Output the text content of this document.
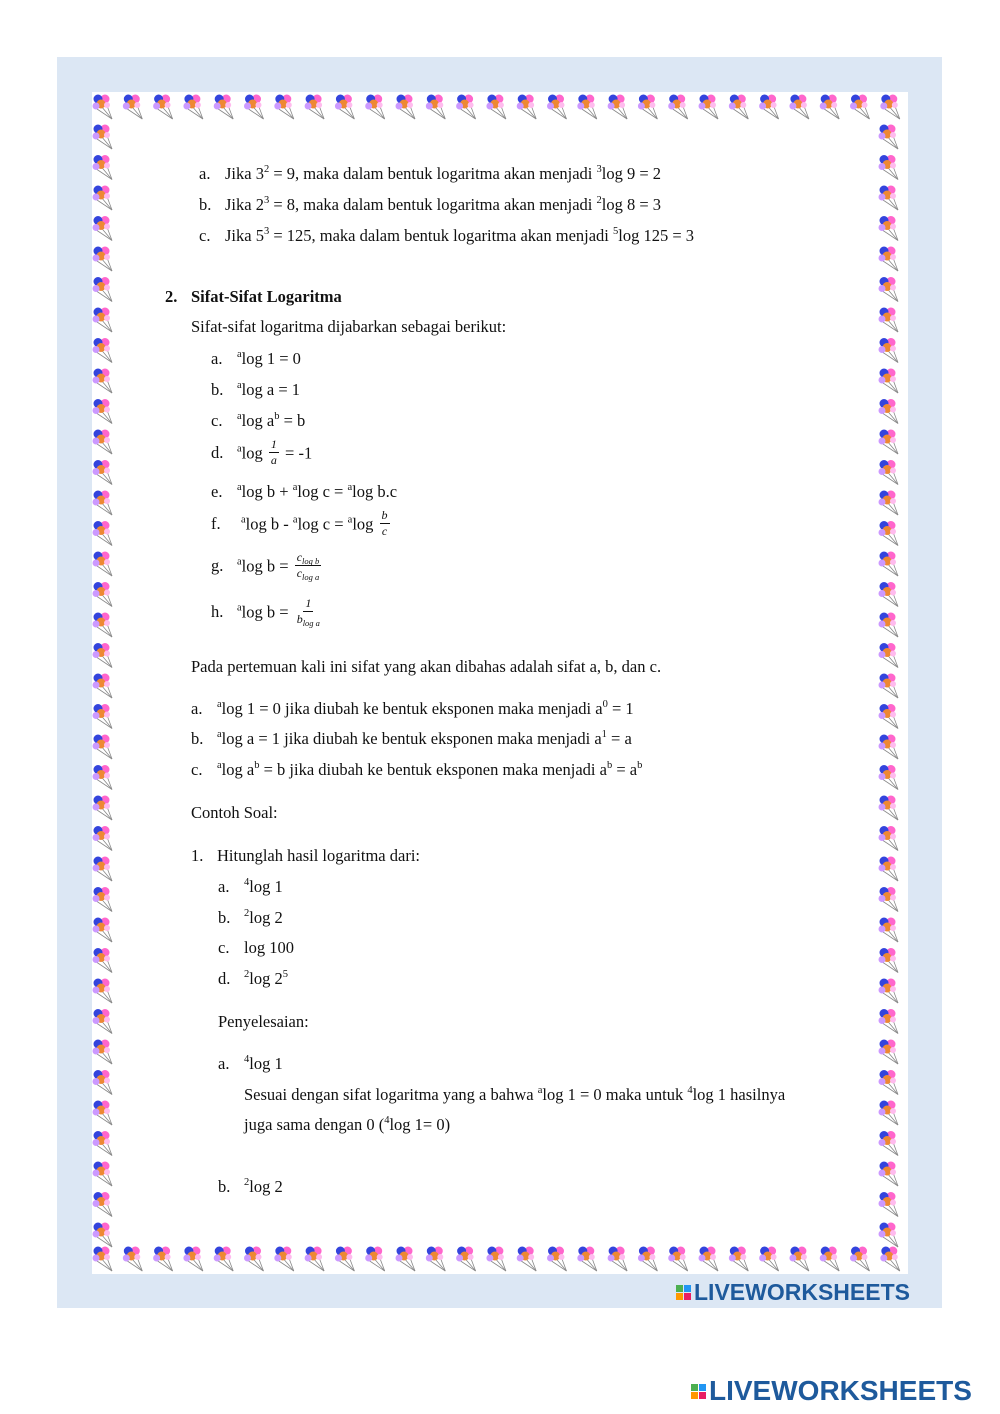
a. Jika $3^2 = 9$, maka dalam bentuk logaritma akan menjadi $^3$log 9 = 2
b. Jika $2^3 = 8$, maka dalam bentuk logaritma akan menjadi $^2$log 8 = 3
c. Jika $5^3 = 125$, maka dalam bentuk logaritma akan menjadi $^5$log 125 = 3
2. Sifat-Sifat Logaritma
Sifat-sifat logaritma dijabarkan sebagai berikut:
a. $^a$log 1 = 0
b. $^a$log a = 1
c. $^a$log $a^b = b$
d. $^a\log \frac{1}{a} = -1$
e. $^a$log b + $^a$log c = $^a$log b.c
f. $^a$log b - $^a$log $c = ^a\log \frac{b}{c}$
g. $^a$log $b = \frac{c_{log b}}{c_{log a}}$
h. $^a$log $b = \frac{1}{b_{log a}}$
Pada pertemuan kali ini sifat yang akan dibahas adalah sifat a, b, dan c.
a. $^a$log 1 = 0 jika diubah ke bentuk eksponen maka menjadi $a^0 = 1$
b. $^a$log a = 1 jika diubah ke bentuk eksponen maka menjadi $a^1 = a$
c. $^a$log $a^b = b$ jika diubah ke bentuk eksponen maka menjadi $a^b = a^b$
Contoh Soal:
1. Hitunglah hasil logaritma dari:
a. $^4$log 1
b. $^2$log 2
c. log 100
d. $^2$log $2^5$
Penyelesaian:
a. $^4$log 1
Sesuai dengan sifat logaritma yang a bahwa $^a$log 1 = 0 maka untuk $^4$log 1 hasilnya
juga sama dengan 0 ($^4$log 1= 0)
b. $^2$log 2
LIVEWORKSHEETS
LIVEWORKSHEETS
